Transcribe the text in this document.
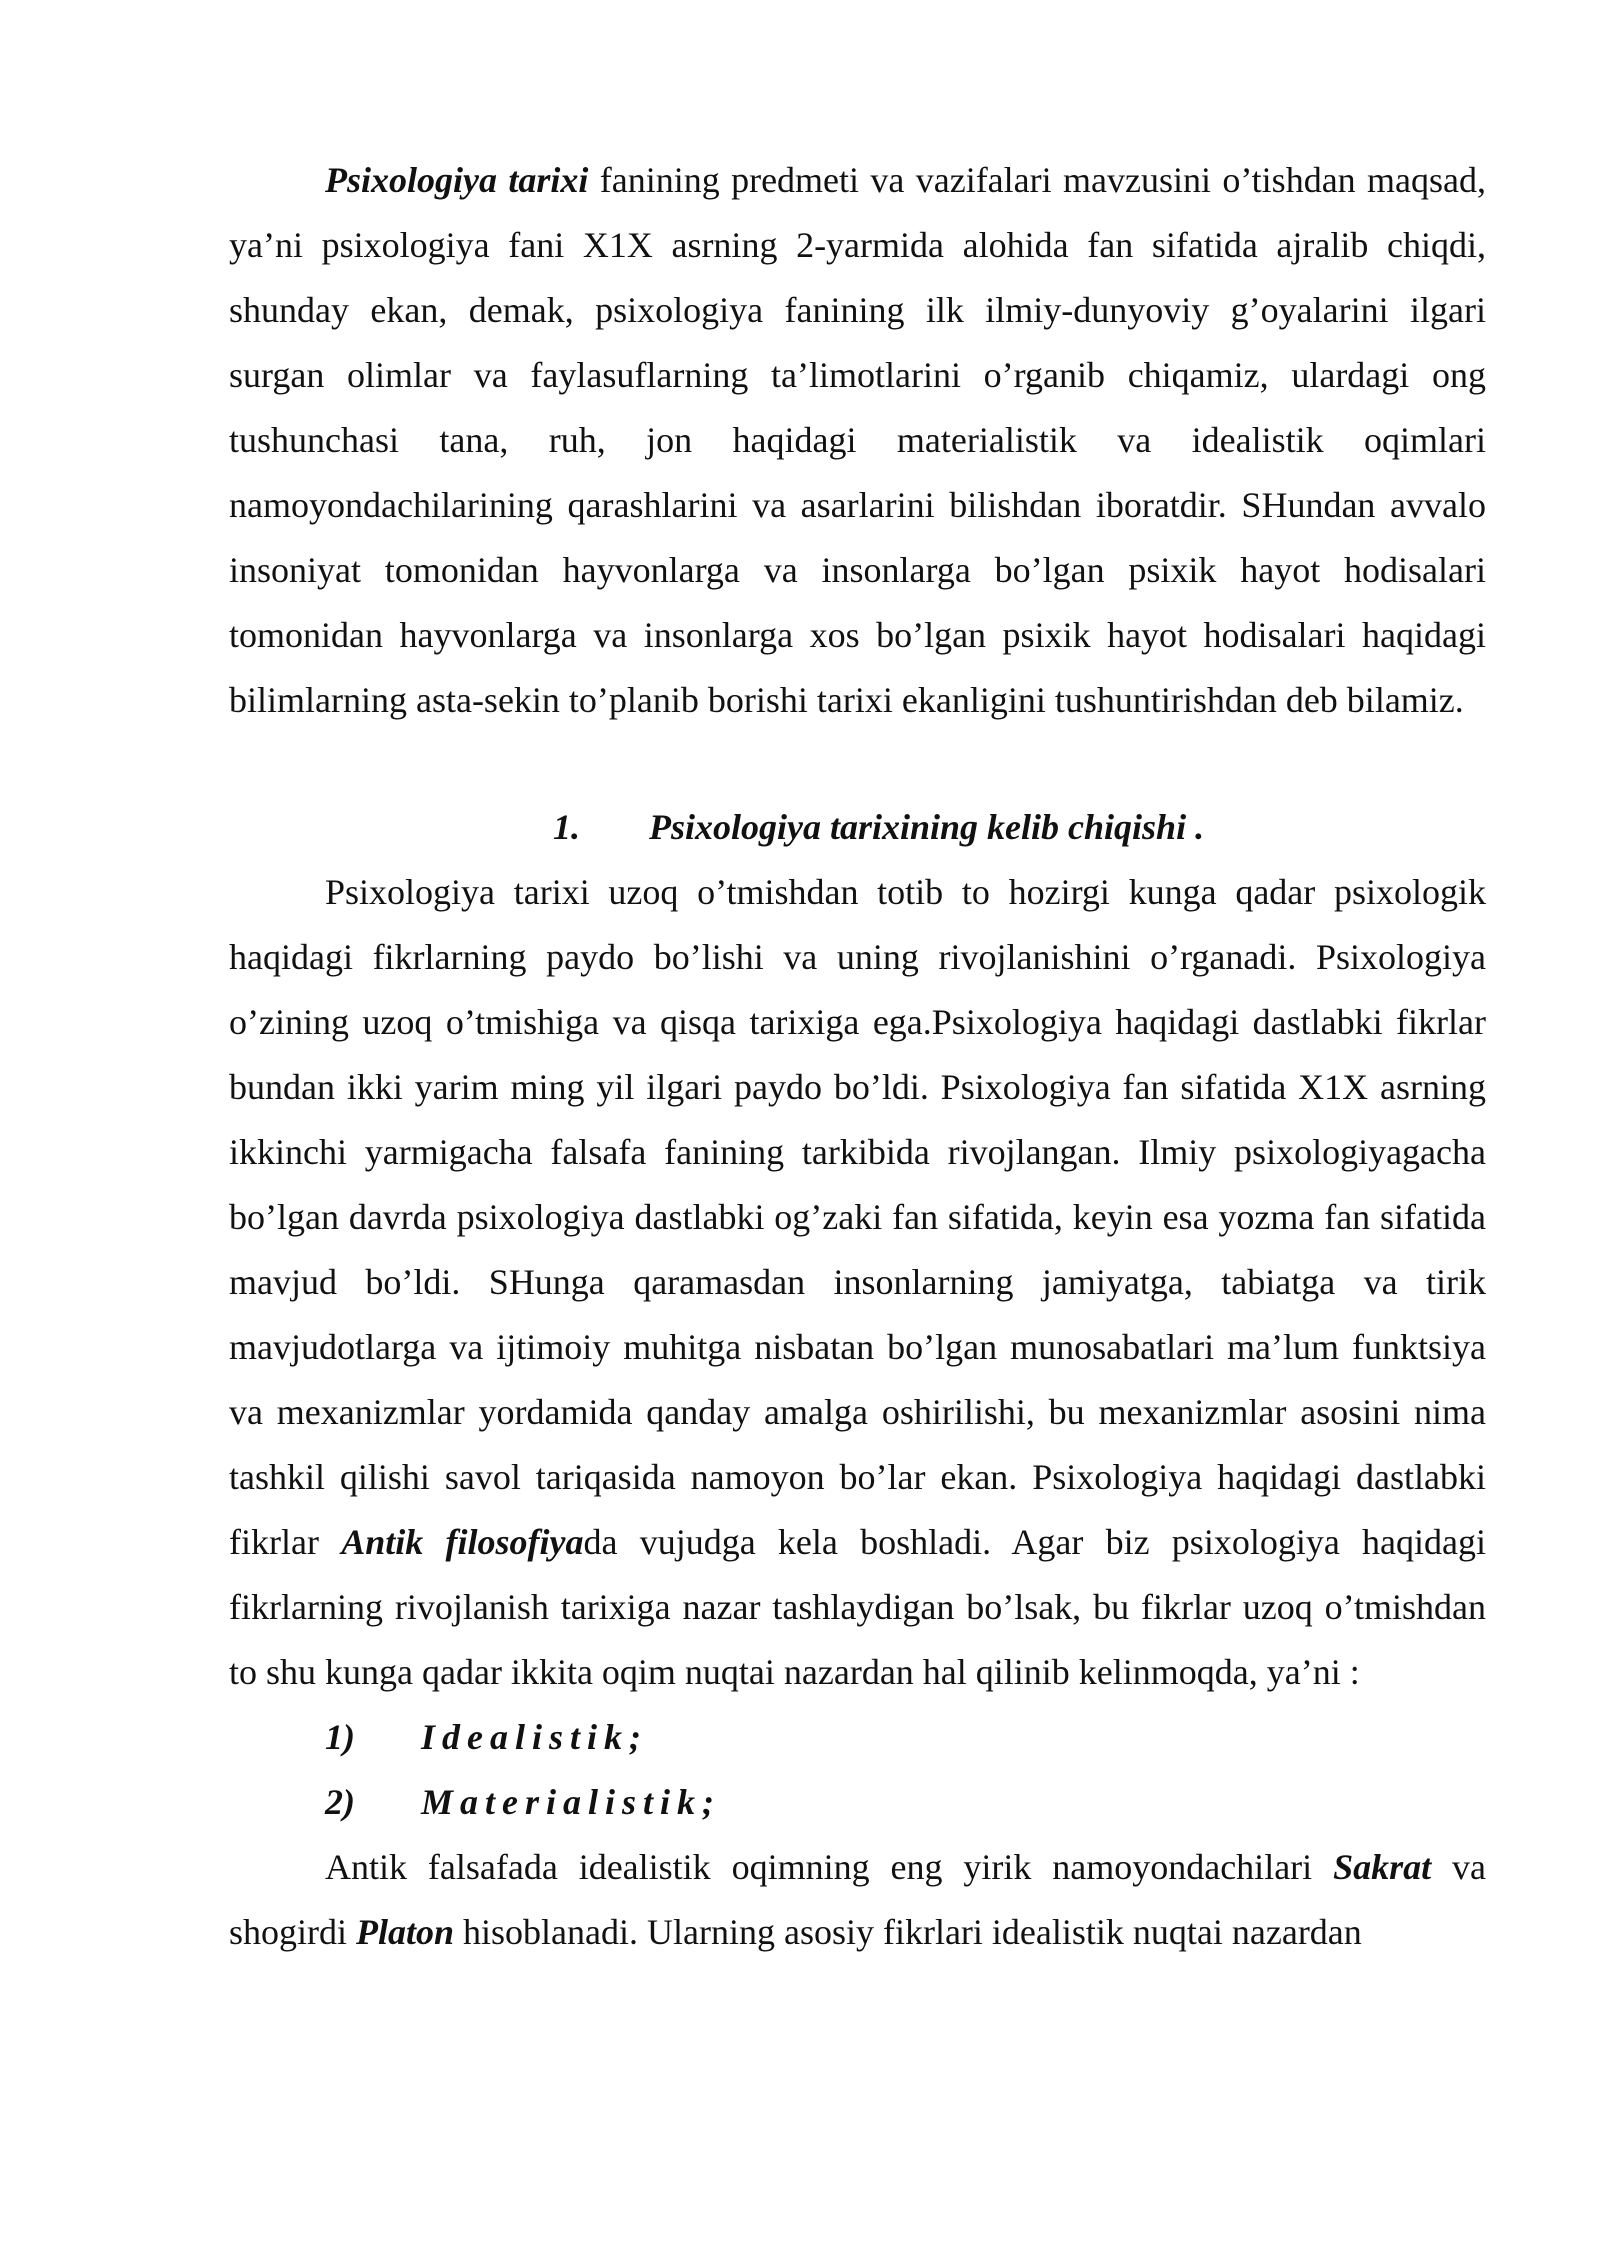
Psixologiya tarixi fanining predmeti va vazifalari mavzusini o’tishdan maqsad, ya’ni psixologiya fani X1X asrning 2-yarmida alohida fan sifatida ajralib chiqdi, shunday ekan, demak, psixologiya fanining ilk ilmiy-dunyoviy g’oyalarini ilgari surgan olimlar va faylasuflarning ta’limotlarini o’rganib chiqamiz, ulardagi ong tushunchasi tana, ruh, jon haqidagi materialistik va idealistik oqimlari namoyondachilarining qarashlarini va asarlarini bilishdan iboratdir. SHundan avvalo insoniyat tomonidan hayvonlarga va insonlarga bo’lgan psixik hayot hodisalari tomonidan hayvonlarga va insonlarga xos bo’lgan psixik hayot hodisalari haqidagi bilimlarning asta-sekin to’planib borishi tarixi ekanligini tushuntirishdan deb bilamiz.

1. Psixologiya tarixining kelib chiqishi .

Psixologiya tarixi uzoq o’tmishdan totib to hozirgi kunga qadar psixologik haqidagi fikrlarning paydo bo’lishi va uning rivojlanishini o’rganadi. Psixologiya o’zining uzoq o’tmishiga va qisqa tarixiga ega.Psixologiya haqidagi dastlabki fikrlar bundan ikki yarim ming yil ilgari paydo bo’ldi. Psixologiya fan sifatida X1X asrning ikkinchi yarmigacha falsafa fanining tarkibida rivojlangan. Ilmiy psixologiyagacha bo’lgan davrda psixologiya dastlabki og’zaki fan sifatida, keyin esa yozma fan sifatida mavjud bo’ldi. SHunga qaramasdan insonlarning jamiyatga, tabiatga va tirik mavjudotlarga va ijtimoiy muhitga nisbatan bo’lgan munosabatlari ma’lum funktsiya va mexanizmlar yordamida qanday amalga oshirilishi, bu mexanizmlar asosini nima tashkil qilishi savol tariqasida namoyon bo’lar ekan. Psixologiya haqidagi dastlabki fikrlar Antik filosofiyada vujudga kela boshladi. Agar biz psixologiya haqidagi fikrlarning rivojlanish tarixiga nazar tashlaydigan bo’lsak, bu fikrlar uzoq o’tmishdan to shu kunga qadar ikkita oqim nuqtai nazardan hal qilinib kelinmoqda, ya’ni :

1) Idealistik;

2) Materialistik;

Antik falsafada idealistik oqimning eng yirik namoyondachilari Sakrat va shogirdi Platon hisoblanadi. Ularning asosiy fikrlari idealistik nuqtai nazardan
